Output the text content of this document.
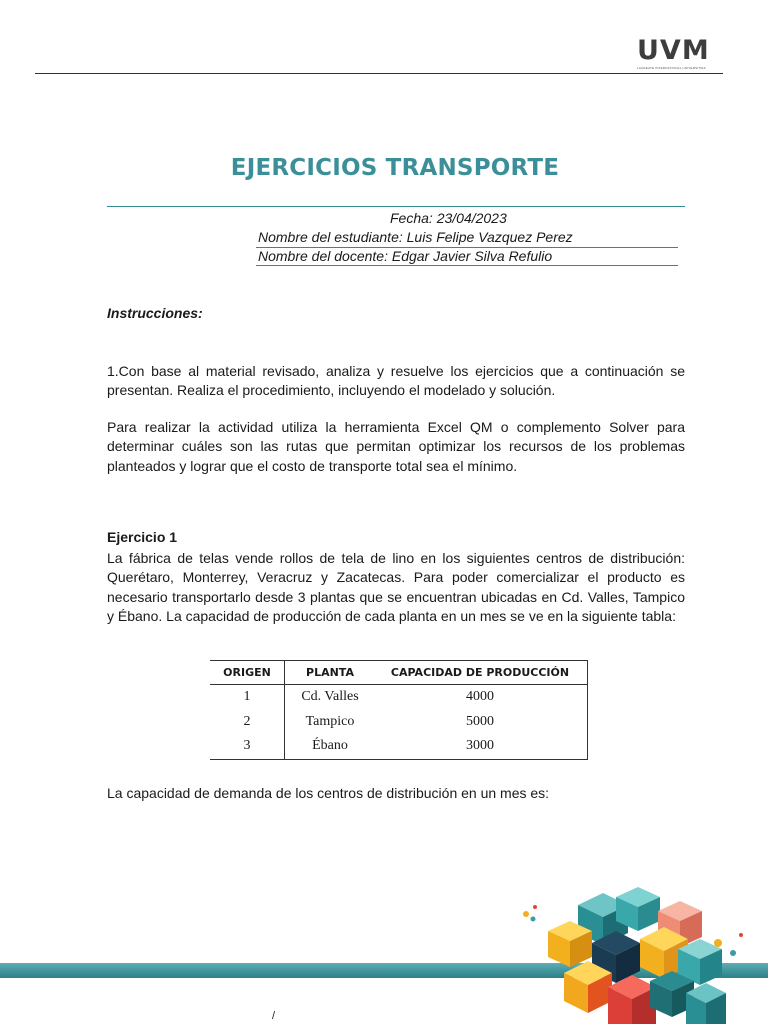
UVM
LAUREATE INTERNATIONAL UNIVERSITIES
EJERCICIOS TRANSPORTE
Fecha: 23/04/2023
Nombre del estudiante: Luis Felipe Vazquez Perez
Nombre del docente: Edgar Javier Silva Refulio
Instrucciones:
1.Con base al material revisado, analiza y resuelve los ejercicios que a continuación se presentan. Realiza el procedimiento, incluyendo el modelado y solución.
Para realizar la actividad utiliza la herramienta Excel QM o complemento Solver para determinar cuáles son las rutas que permitan optimizar los recursos de los problemas planteados y lograr que el costo de transporte total sea el mínimo.
Ejercicio 1
La fábrica de telas vende rollos de tela de lino en los siguientes centros de distribución: Querétaro, Monterrey, Veracruz y Zacatecas. Para poder comercializar el producto es necesario transportarlo desde 3 plantas que se encuentran ubicadas en Cd. Valles, Tampico y Ébano. La capacidad de producción de cada planta en un mes se ve en la siguiente tabla:
ORIGEN	PLANTA	CAPACIDAD DE PRODUCCIÓN
1	Cd. Valles	4000
2	Tampico	5000
3	Ébano	3000
La capacidad de demanda de los centros de distribución en un mes es:
/
